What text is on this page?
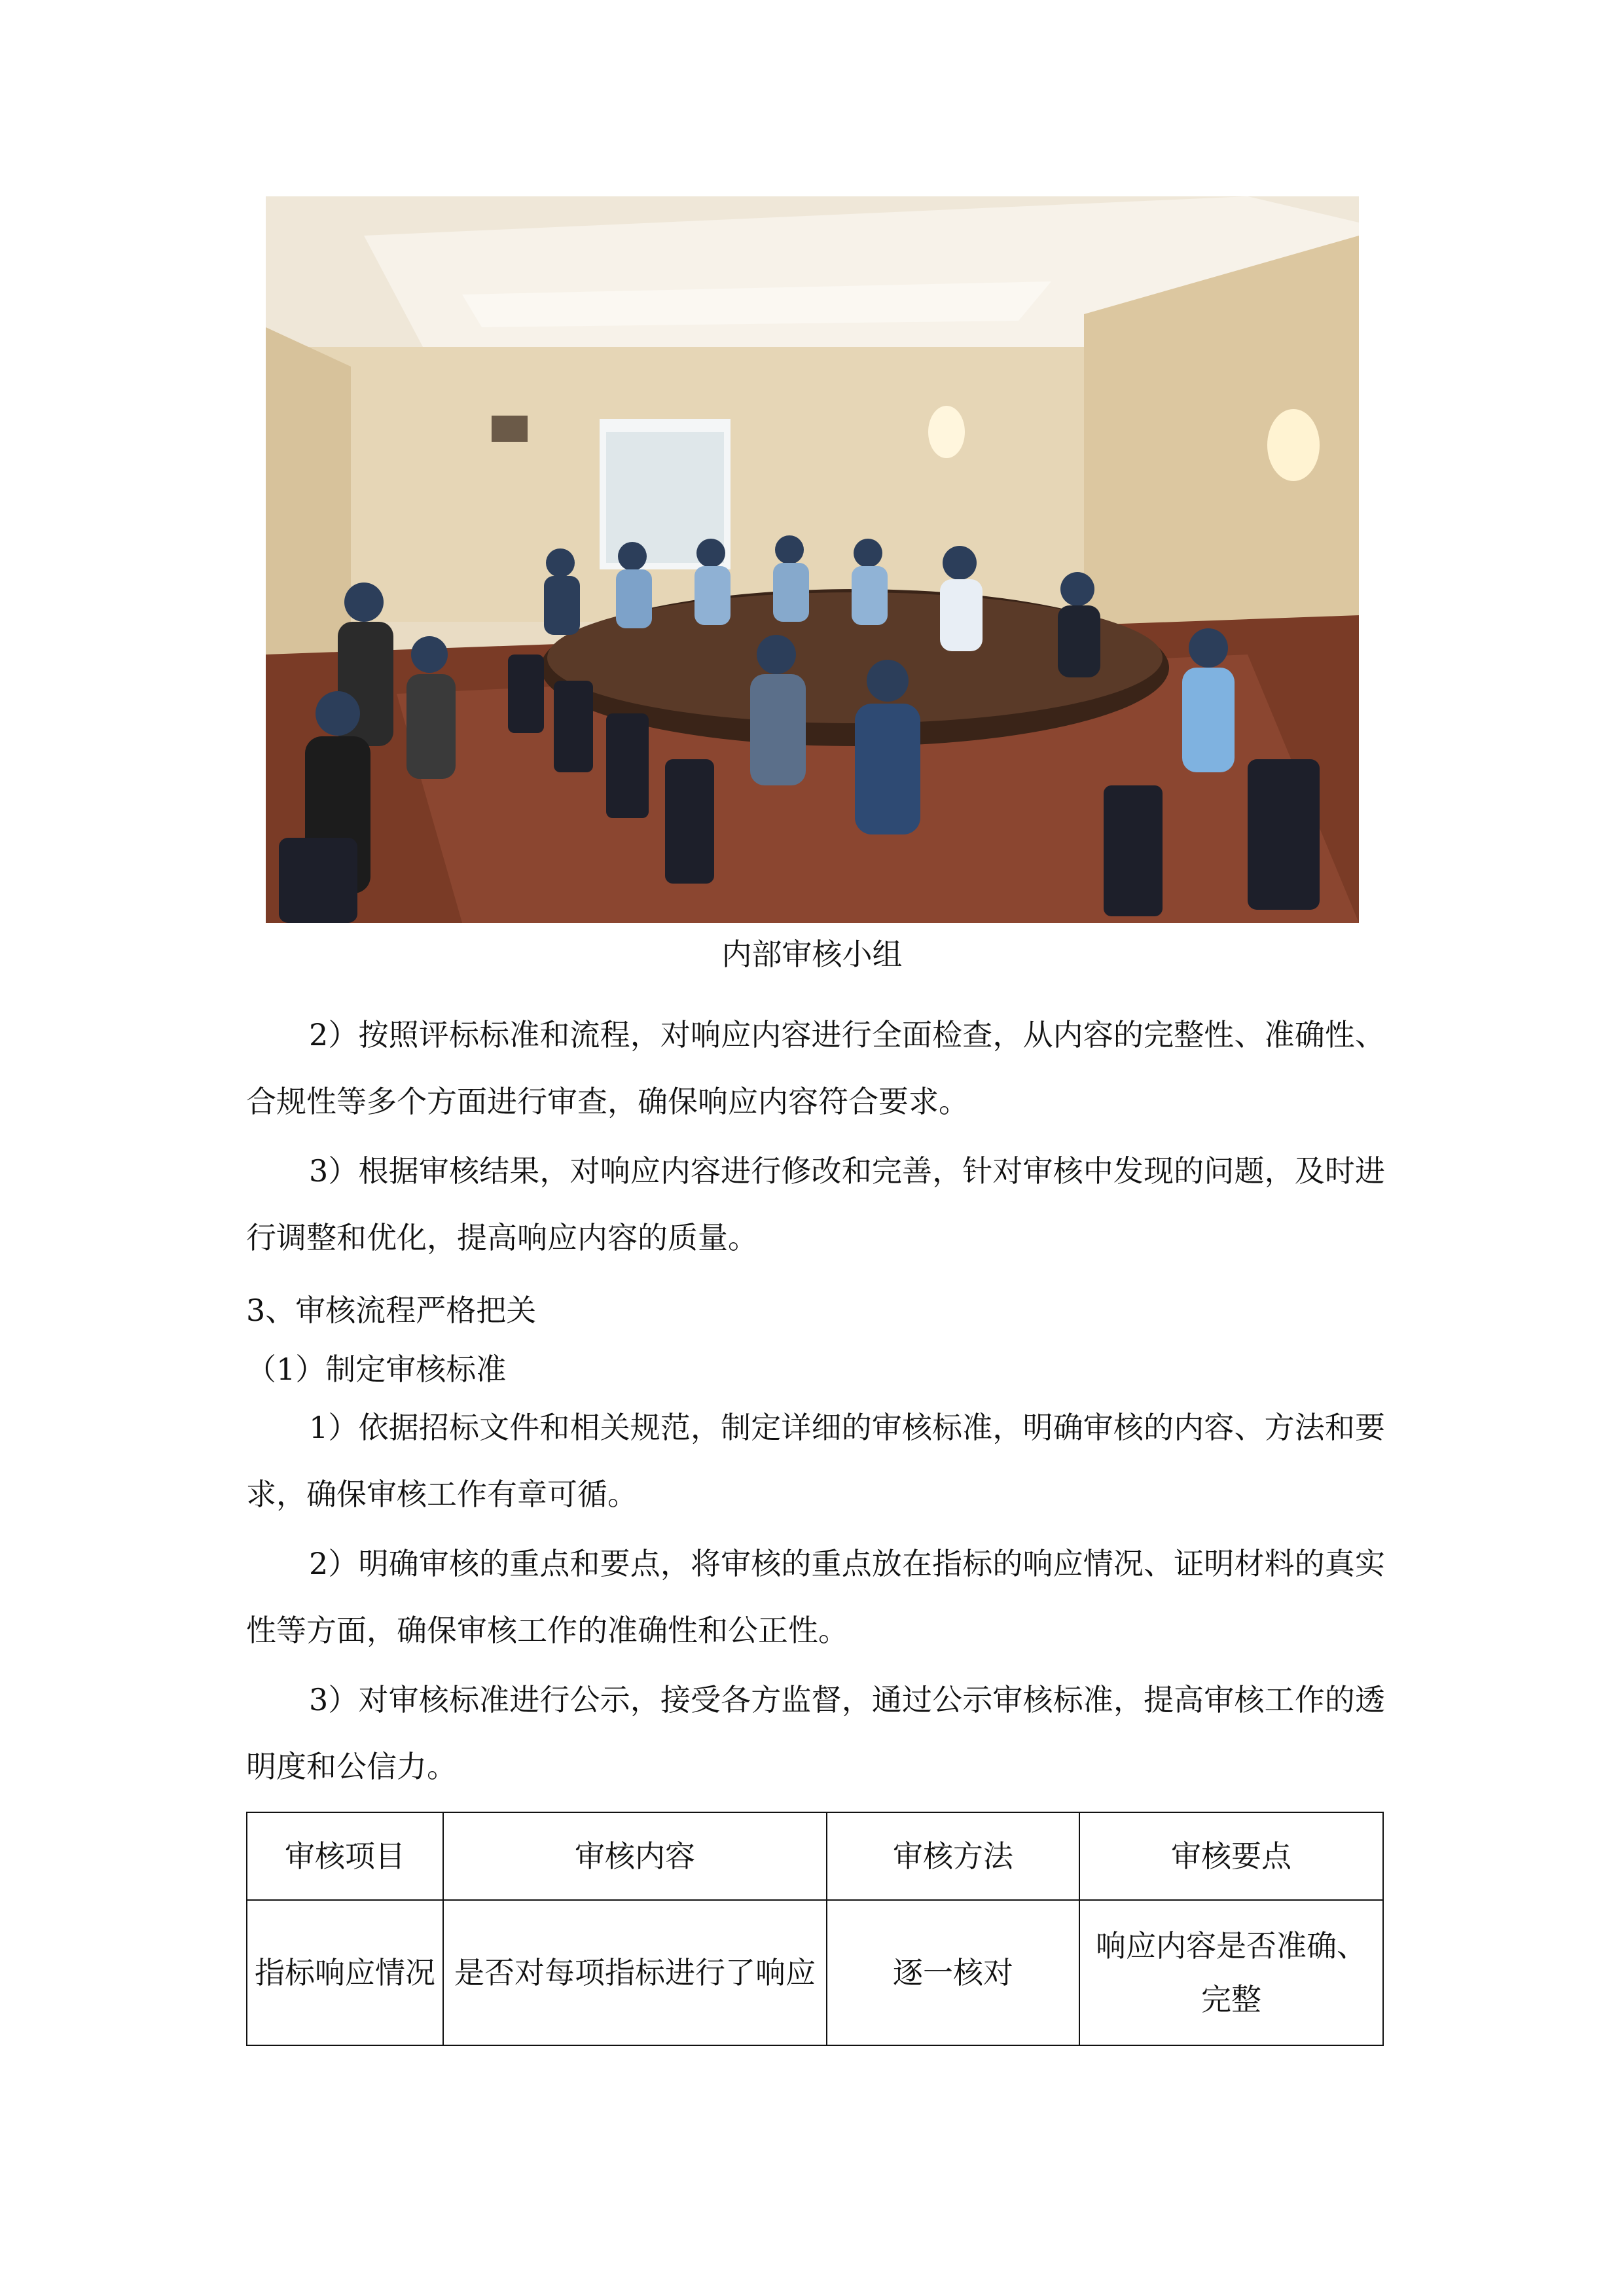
内部审核小组

2）按照评标标准和流程，对响应内容进行全面检查，从内容的完整性、准确性、合规性等多个方面进行审查，确保响应内容符合要求。

3）根据审核结果，对响应内容进行修改和完善，针对审核中发现的问题，及时进行调整和优化，提高响应内容的质量。

3、审核流程严格把关

（1）制定审核标准

1）依据招标文件和相关规范，制定详细的审核标准，明确审核的内容、方法和要求，确保审核工作有章可循。

2）明确审核的重点和要点，将审核的重点放在指标的响应情况、证明材料的真实性等方面，确保审核工作的准确性和公正性。

3）对审核标准进行公示，接受各方监督，通过公示审核标准，提高审核工作的透明度和公信力。

审核项目	审核内容	审核方法	审核要点
指标响应情况	是否对每项指标进行了响应	逐一核对	响应内容是否准确、完整
